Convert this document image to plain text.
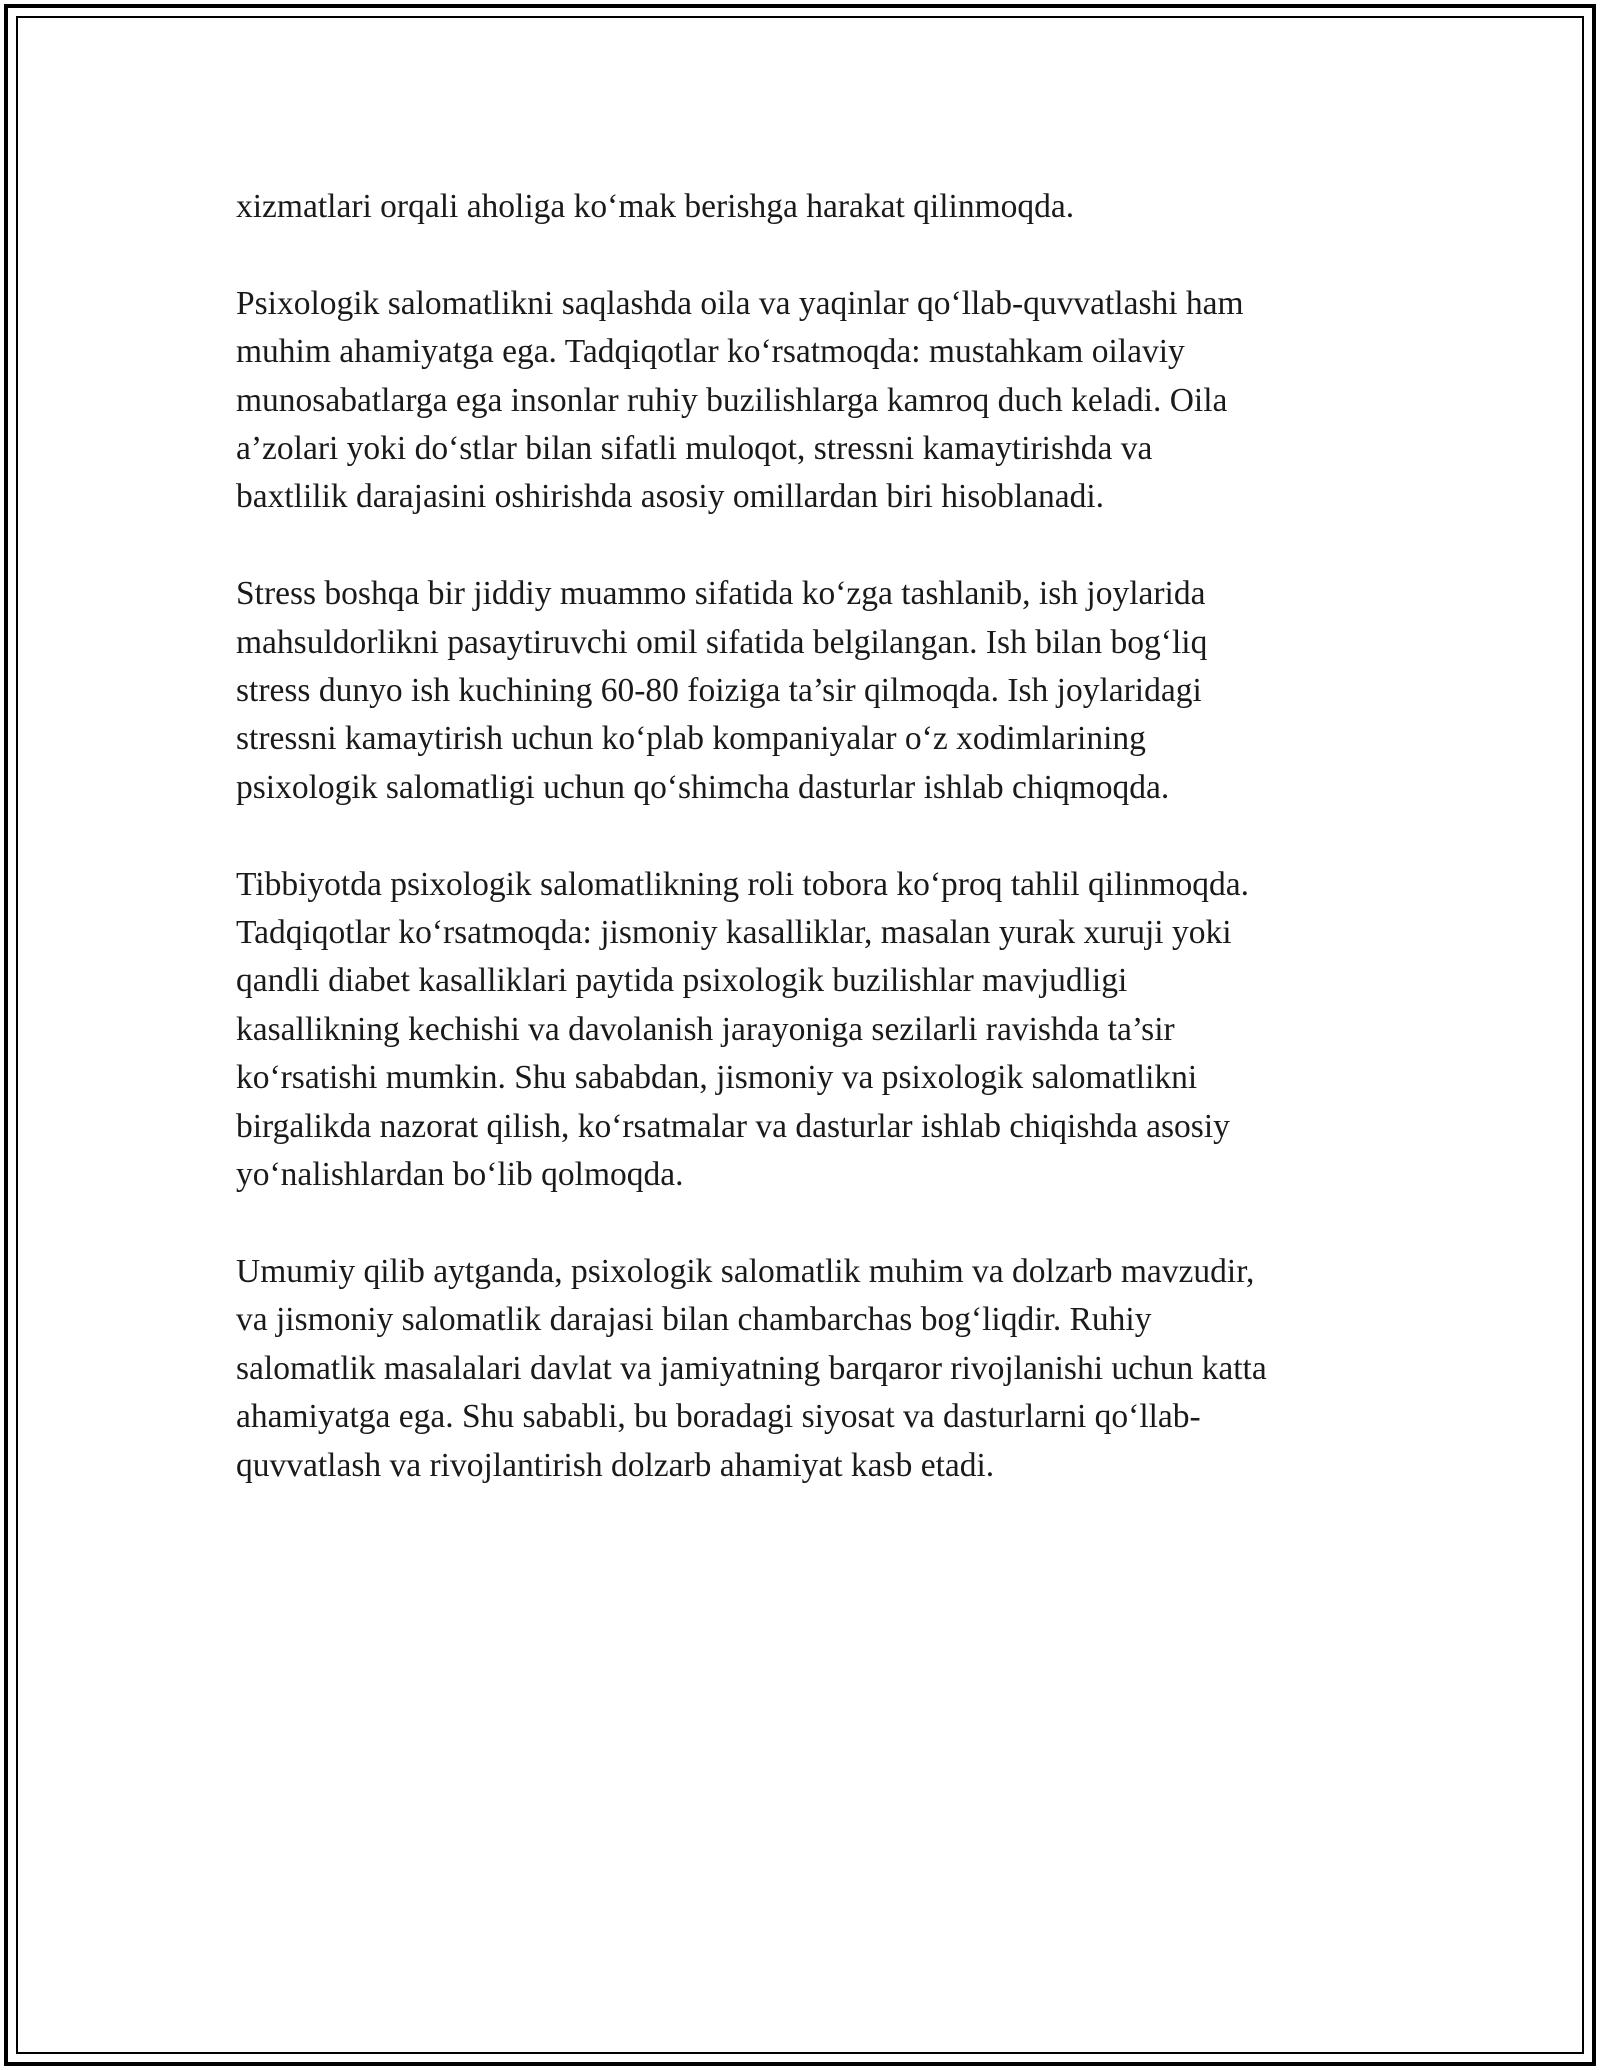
xizmatlari orqali aholiga ko‘mak berishga harakat qilinmoqda.

Psixologik salomatlikni saqlashda oila va yaqinlar qo‘llab-quvvatlashi ham
muhim ahamiyatga ega. Tadqiqotlar ko‘rsatmoqda: mustahkam oilaviy
munosabatlarga ega insonlar ruhiy buzilishlarga kamroq duch keladi. Oila
a’zolari yoki do‘stlar bilan sifatli muloqot, stressni kamaytirishda va
baxtlilik darajasini oshirishda asosiy omillardan biri hisoblanadi.

Stress boshqa bir jiddiy muammo sifatida ko‘zga tashlanib, ish joylarida
mahsuldorlikni pasaytiruvchi omil sifatida belgilangan. Ish bilan bog‘liq
stress dunyo ish kuchining 60-80 foiziga ta’sir qilmoqda. Ish joylaridagi
stressni kamaytirish uchun ko‘plab kompaniyalar o‘z xodimlarining
psixologik salomatligi uchun qo‘shimcha dasturlar ishlab chiqmoqda.

Tibbiyotda psixologik salomatlikning roli tobora ko‘proq tahlil qilinmoqda.
Tadqiqotlar ko‘rsatmoqda: jismoniy kasalliklar, masalan yurak xuruji yoki
qandli diabet kasalliklari paytida psixologik buzilishlar mavjudligi
kasallikning kechishi va davolanish jarayoniga sezilarli ravishda ta’sir
ko‘rsatishi mumkin. Shu sababdan, jismoniy va psixologik salomatlikni
birgalikda nazorat qilish, ko‘rsatmalar va dasturlar ishlab chiqishda asosiy
yo‘nalishlardan bo‘lib qolmoqda.

Umumiy qilib aytganda, psixologik salomatlik muhim va dolzarb mavzudir,
va jismoniy salomatlik darajasi bilan chambarchas bog‘liqdir. Ruhiy
salomatlik masalalari davlat va jamiyatning barqaror rivojlanishi uchun katta
ahamiyatga ega. Shu sababli, bu boradagi siyosat va dasturlarni qo‘llab-
quvvatlash va rivojlantirish dolzarb ahamiyat kasb etadi.
